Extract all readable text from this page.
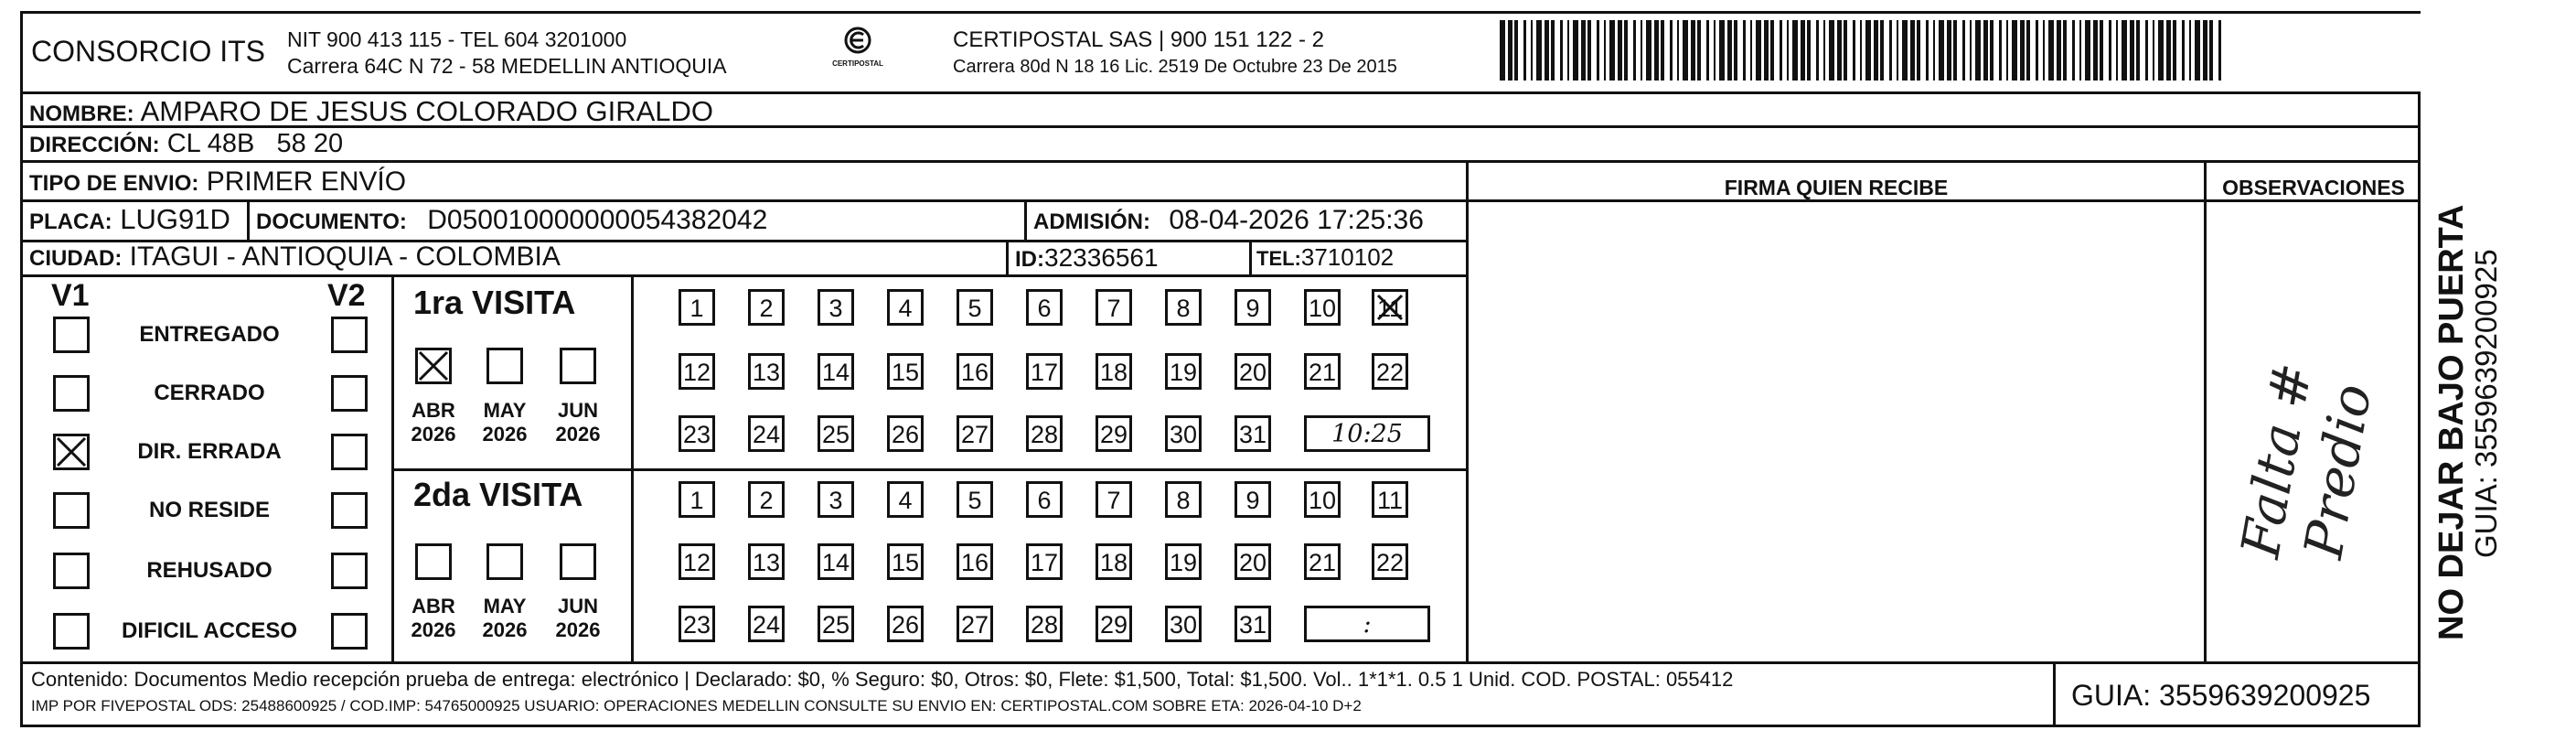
CONSORCIO ITS NIT 900 413 115 - TEL 604 3201000
Carrera 64C N 72 - 58 MEDELLIN ANTIOQUIA	CERTIPOSTAL
CERTIPOSTAL SAS | 900 151 122 - 2
Carrera 80d N 18 16 Lic. 2519 De Octubre 23 De 2015
NOMBRE: AMPARO DE JESUS COLORADO GIRALDO
DIRECCIÓN: CL 48B   58 20
TIPO DE ENVIO: PRIMER ENVÍO
PLACA: LUG91D DOCUMENTO: D050010000000054382042	ADMISIÓN: 08-04-2026 17:25:36
CIUDAD: ITAGUI - ANTIOQUIA - COLOMBIA	ID:32336561	TEL:3710102
FIRMA QUIEN RECIBE	OBSERVACIONES
Falta # Predio
V1	V2
ENTREGADO
CERRADO
DIR. ERRADA
NO RESIDE
REHUSADO
DIFICIL ACCESO
1ra VISITA
ABR
2026
MAY
2026
JUN
2026
1	2	3	4	5	6	7	8	9	10 11
12 13 14 15 16 17 18 19 20 21 22
23 24 25 26 27 28 29 30 31	10:25
2da VISITA
ABR
2026
MAY
2026
JUN
2026
1	2	3	4	5	6	7	8	9	10 11
12 13 14 15 16 17 18 19 20 21 22
23 24 25 26 27 28 29 30 31	:
Contenido: Documentos Medio recepción prueba de entrega: electrónico | Declarado: $0, % Seguro: $0, Otros: $0, Flete: $1,500, Total: $1,500. Vol.. 1*1*1. 0.5 1 Unid. COD. POSTAL: 055412
IMP POR FIVEPOSTAL ODS: 25488600925 / COD.IMP: 54765000925 USUARIO: OPERACIONES MEDELLIN CONSULTE SU ENVIO EN: CERTIPOSTAL.COM SOBRE ETA: 2026-04-10 D+2	GUIA: 3559639200925
NO DEJAR BAJO PUERTA
GUIA: 3559639200925
